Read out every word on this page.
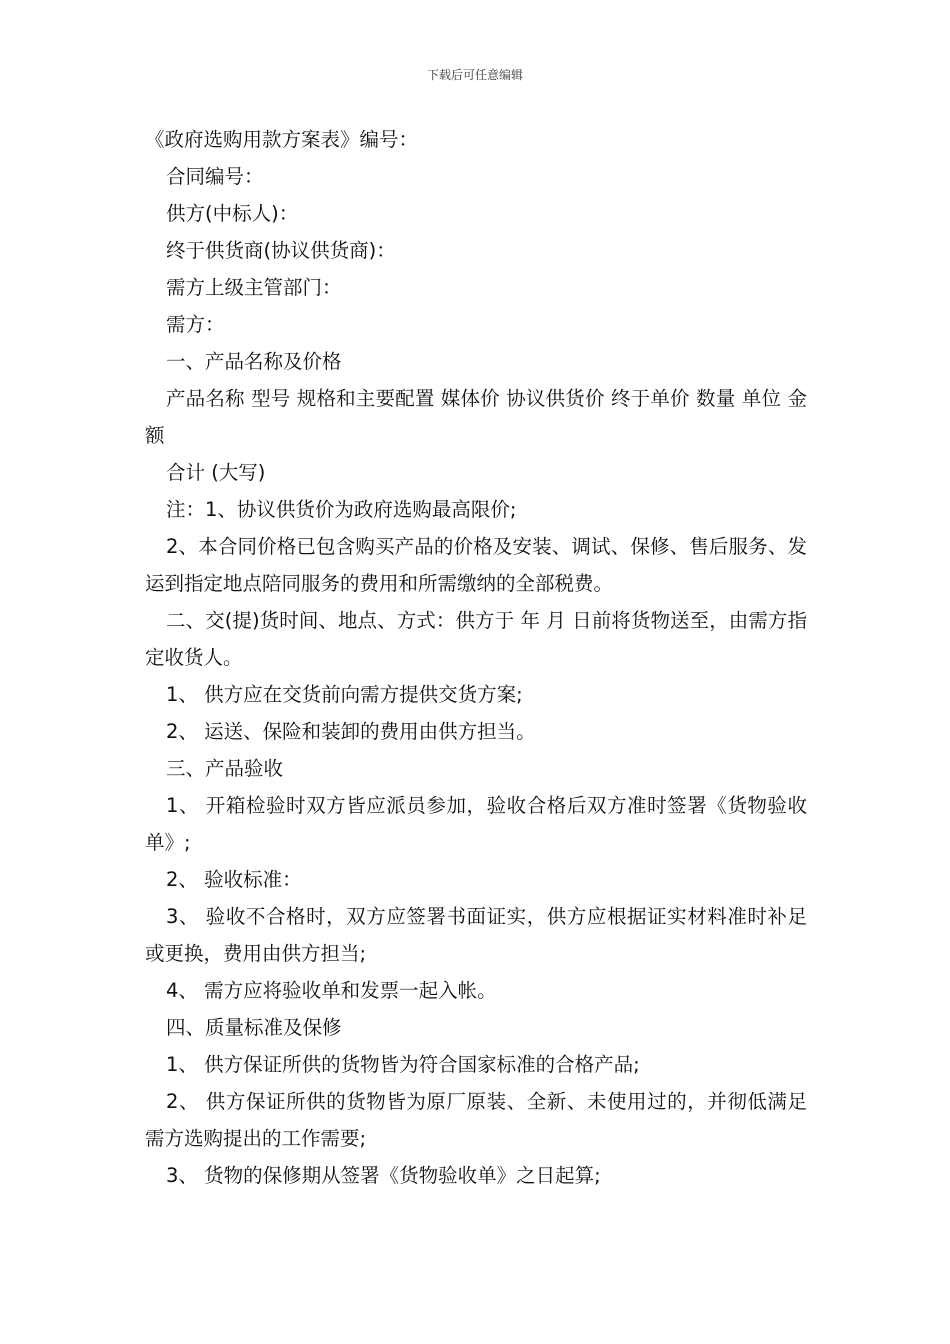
下载后可任意编辑

《政府选购用款方案表》编号：

合同编号：

供方(中标人)：

终于供货商(协议供货商)：

需方上级主管部门：

需方：

一、产品名称及价格

产品名称 型号 规格和主要配置 媒体价 协议供货价 终于单价 数量 单位 金额

合计 (大写)

注：1、协议供货价为政府选购最高限价;

2、本合同价格已包含购买产品的价格及安装、调试、保修、售后服务、发运到指定地点陪同服务的费用和所需缴纳的全部税费。

二、交(提)货时间、地点、方式：供方于 年 月 日前将货物送至，由需方指定收货人。

1、 供方应在交货前向需方提供交货方案;

2、 运送、保险和装卸的费用由供方担当。

三、产品验收

1、 开箱检验时双方皆应派员参加，验收合格后双方准时签署《货物验收单》;

2、 验收标准：

3、 验收不合格时，双方应签署书面证实，供方应根据证实材料准时补足或更换，费用由供方担当;

4、 需方应将验收单和发票一起入帐。

四、质量标准及保修

1、 供方保证所供的货物皆为符合国家标准的合格产品;

2、 供方保证所供的货物皆为原厂原装、全新、未使用过的，并彻低满足需方选购提出的工作需要;

3、 货物的保修期从签署《货物验收单》之日起算;
